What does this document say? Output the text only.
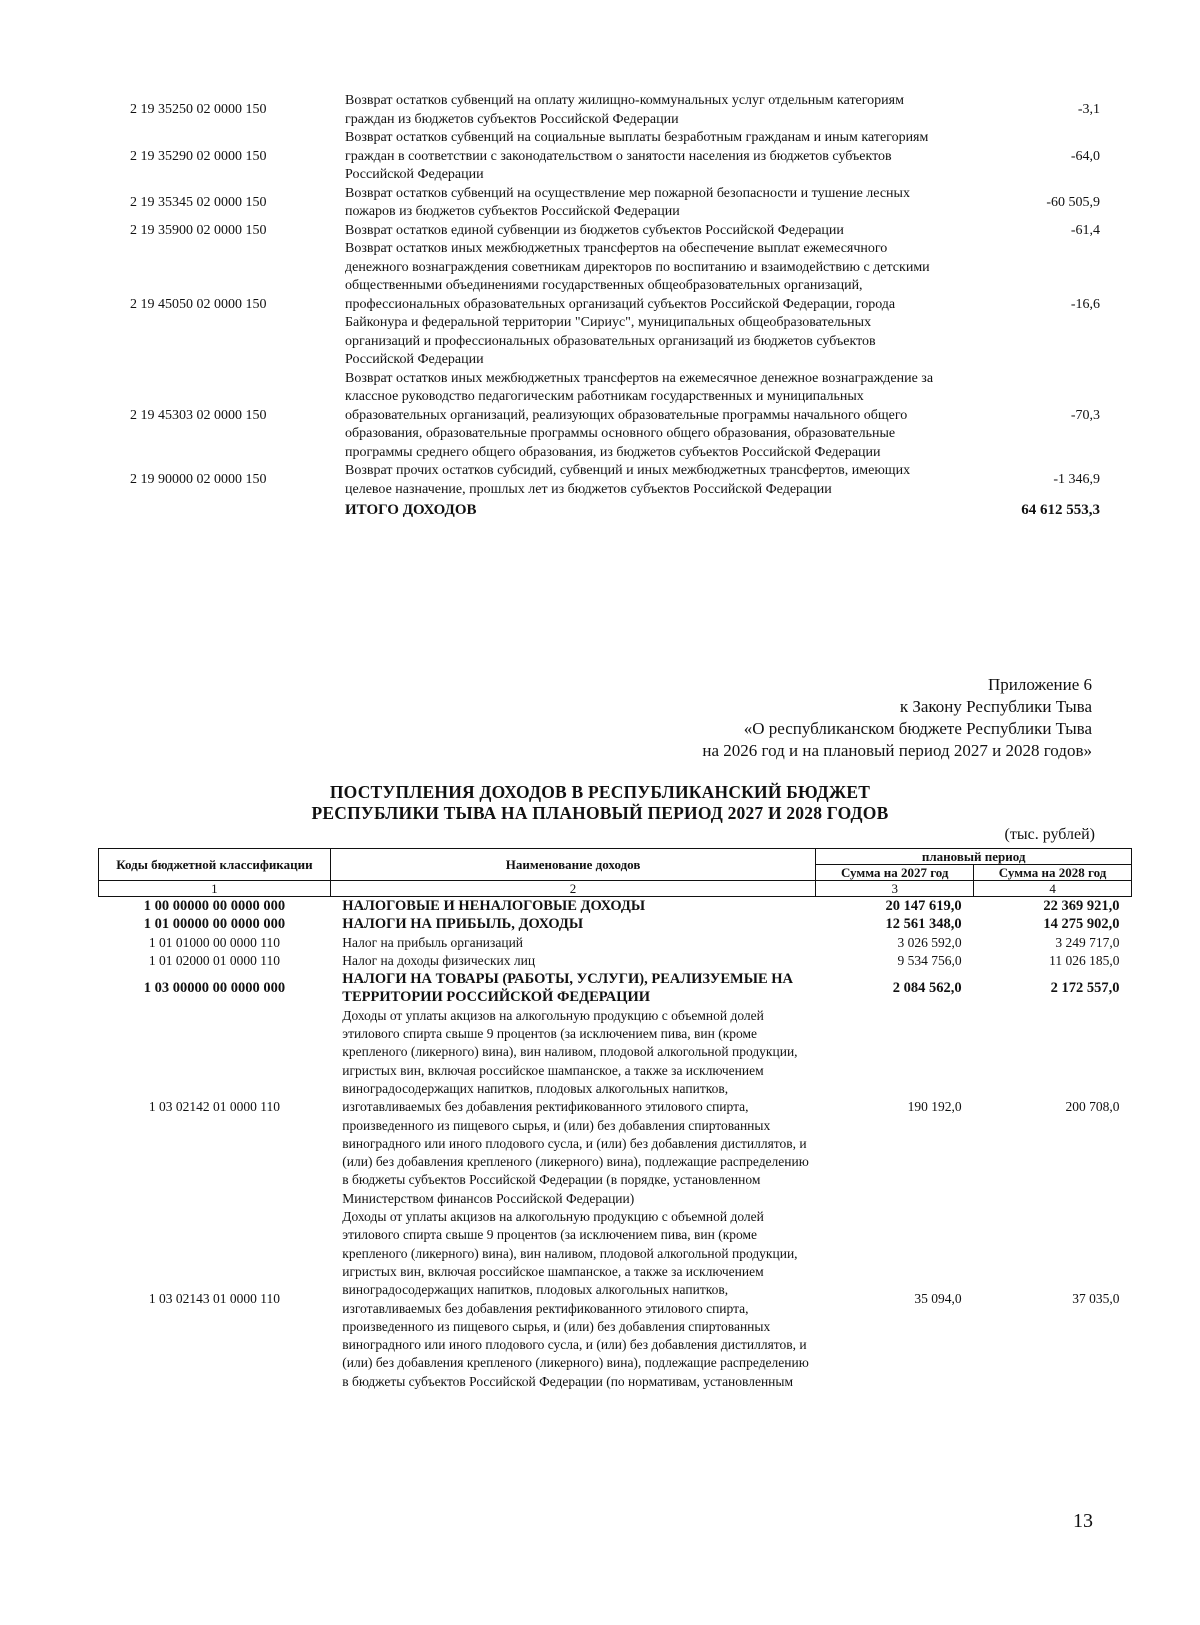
2 19 35250 02 0000 150	Возврат остатков субвенций на оплату жилищно-коммунальных услуг отдельным категориям граждан из бюджетов субъектов Российской Федерации	-3,1
2 19 35290 02 0000 150	Возврат остатков субвенций на социальные выплаты безработным гражданам и иным категориям граждан в соответствии с законодательством о занятости населения из бюджетов субъектов Российской Федерации	-64,0
2 19 35345 02 0000 150	Возврат остатков субвенций на осуществление мер пожарной безопасности и тушение лесных пожаров из бюджетов субъектов Российской Федерации	-60 505,9
2 19 35900 02 0000 150	Возврат остатков единой субвенции из бюджетов субъектов Российской Федерации	-61,4
2 19 45050 02 0000 150	Возврат остатков иных межбюджетных трансфертов на обеспечение выплат ежемесячного денежного вознаграждения советникам директоров по воспитанию и взаимодействию с детскими общественными объединениями государственных общеобразовательных организаций, профессиональных образовательных организаций субъектов Российской Федерации, города Байконура и федеральной территории "Сириус", муниципальных общеобразовательных организаций и профессиональных образовательных организаций из бюджетов субъектов Российской Федерации	-16,6
2 19 45303 02 0000 150	Возврат остатков иных межбюджетных трансфертов на ежемесячное денежное вознаграждение за классное руководство педагогическим работникам государственных и муниципальных образовательных организаций, реализующих образовательные программы начального общего образования, образовательные программы основного общего образования, образовательные программы среднего общего образования, из бюджетов субъектов Российской Федерации	-70,3
2 19 90000 02 0000 150	Возврат прочих остатков субсидий, субвенций и иных межбюджетных трансфертов, имеющих целевое назначение, прошлых лет из бюджетов субъектов Российской Федерации	-1 346,9
	ИТОГО ДОХОДОВ	64 612 553,3
Приложение 6
к Закону Республики Тыва
«О республиканском бюджете Республики Тыва
на 2026 год и на плановый период 2027 и 2028 годов»
ПОСТУПЛЕНИЯ ДОХОДОВ В РЕСПУБЛИКАНСКИЙ БЮДЖЕТ
РЕСПУБЛИКИ ТЫВА НА ПЛАНОВЫЙ ПЕРИОД 2027 И 2028 ГОДОВ
(тыс. рублей)
Коды бюджетной классификации	Наименование доходов	плановый период	
		Сумма на 2027 год	Сумма на 2028 год
1	2	3	4
1 00 00000 00 0000 000	НАЛОГОВЫЕ И НЕНАЛОГОВЫЕ ДОХОДЫ	20 147 619,0	22 369 921,0
1 01 00000 00 0000 000	НАЛОГИ НА ПРИБЫЛЬ, ДОХОДЫ	12 561 348,0	14 275 902,0
1 01 01000 00 0000 110	Налог на прибыль организаций	3 026 592,0	3 249 717,0
1 01 02000 01 0000 110	Налог на доходы физических лиц	9 534 756,0	11 026 185,0
1 03 00000 00 0000 000	НАЛОГИ НА ТОВАРЫ (РАБОТЫ, УСЛУГИ), РЕАЛИЗУЕМЫЕ НА ТЕРРИТОРИИ РОССИЙСКОЙ ФЕДЕРАЦИИ	2 084 562,0	2 172 557,0
1 03 02142 01 0000 110	Доходы от уплаты акцизов на алкогольную продукцию с объемной долей этилового спирта свыше 9 процентов (за исключением пива, вин (кроме крепленого (ликерного) вина), вин наливом, плодовой алкогольной продукции, игристых вин, включая российское шампанское, а также за исключением виноградосодержащих напитков, плодовых алкогольных напитков, изготавливаемых без добавления ректификованного этилового спирта, произведенного из пищевого сырья, и (или) без добавления спиртованных виноградного или иного плодового сусла, и (или) без добавления дистиллятов, и (или) без добавления крепленого (ликерного) вина), подлежащие распределению в бюджеты субъектов Российской Федерации (в порядке, установленном Министерством финансов Российской Федерации)	190 192,0	200 708,0
1 03 02143 01 0000 110	Доходы от уплаты акцизов на алкогольную продукцию с объемной долей этилового спирта свыше 9 процентов (за исключением пива, вин (кроме крепленого (ликерного) вина), вин наливом, плодовой алкогольной продукции, игристых вин, включая российское шампанское, а также за исключением виноградосодержащих напитков, плодовых алкогольных напитков, изготавливаемых без добавления ректификованного этилового спирта, произведенного из пищевого сырья, и (или) без добавления спиртованных виноградного или иного плодового сусла, и (или) без добавления дистиллятов, и (или) без добавления крепленого (ликерного) вина), подлежащие распределению в бюджеты субъектов Российской Федерации (по нормативам, установленным	35 094,0	37 035,0
13
